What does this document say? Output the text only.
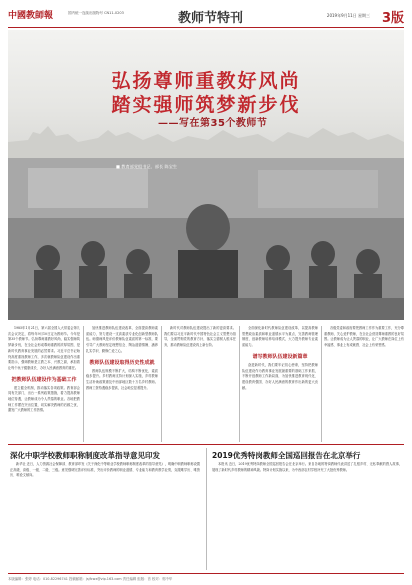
中國教師報	国内统一连续出版物号 CN11-0203	教师节特刊	2019年9月11日 星期三 3版
弘扬尊师重教好风尚
踏实强师筑梦新步伐
——写在第35个教师节
■ 教育部党组书记、部长 陈宝生

1985年1月21日，第六届全国人大常委会第九次会议决定，将每年9月10日定为教师节。今年是第35个教师节。弘扬尊师重教好风尚，踏实强师筑梦新步伐，在全社会形成尊师重教的浓厚氛围，是新时代教育事业发展的必然要求。习近平总书记始终高度重视教师工作，多次就教师队伍建设作出重要指示，强调教师是立教之本、兴教之源，承担着让每个孩子健康成长、办好人民满意教育的重任。

把教师队伍建设作为基础工作

建立健全机制，推动落实各项政策。教育部会同有关部门，出台一系列政策措施，着力提高教师地位待遇，让教师成为令人羡慕的职业。各地把教师工作摆在突出位置，切实解决教师的后顾之忧，激发广大教师的工作热情。

加快推进教师队伍建设改革，全面提高教师素质能力，努力建设一支高素质专业化创新型教师队伍。师德师风是评价教师队伍素质的第一标准，要引导广大教师坚定理想信念、陶冶道德情操、涵养扎实学识、勤修仁爱之心。

教师队伍建设取得历史性成就

教师队伍规模不断扩大，结构不断优化，素质稳步提升。乡村教师支持计划深入实施，乡村教师生活补助政策惠及中西部地区数十万名乡村教师。教师工资待遇稳步提高，社会地位显著提升。

新时代对教师队伍建设提出了新的更高要求。我们要以习近平新时代中国特色社会主义思想为指导，全面贯彻党的教育方针，落实立德树人根本任务，推动教师队伍建设再上新台阶。

全面深化新时代教师队伍建设改革，以提高教师思想政治素质和职业道德水平为重点，完善教师管理制度，创新教师培养培训模式，大力提升教师专业素质能力。

谱写教师队伍建设新篇章

奋进新时代，我们要牢记初心使命，坚持把教师队伍建设作为教育事业发展最重要的基础工作来抓，不断开创教师工作新局面，为加快推进教育现代化、建设教育强国、办好人民满意的教育作出新的更大贡献。

各级党委和政府要把教师工作作为重要工作，充分尊重教师，关心爱护教师，在全社会营造尊师重教的良好氛围。让教师成为让人羡慕的职业，让广大教师在岗位上有幸福感、事业上有成就感、社会上有荣誉感。

深化中职学校教师职称制度改革指导意见印发

新华社 近日，人力资源社会保障部、教育部印发《关于深化中等职业学校教师职称制度改革的指导意见》，明确中职教师职称设置正高级、高级、一级、二级、三级。意见强调完善评价标准，突出评价教师的职业道德、专业能力和教育教学业绩，克服唯学历、唯资历、唯论文倾向。

2019优秀特岗教师全国巡回报告在北京举行

本报讯 近日，2019优秀特岗教师全国巡回报告会在北京举行。来自各地的特岗教师代表讲述了扎根乡村、无私奉献的感人故事，展现了新时代乡村教师的精神风貌。特岗计划实施以来，为中西部农村学校补充了大批优秀教师。

本版编辑：张婷 电话：010-82296741 投稿邮箱：jsjfcwz@vip.163.com 责任编辑 组版：首 校对：郭中华
